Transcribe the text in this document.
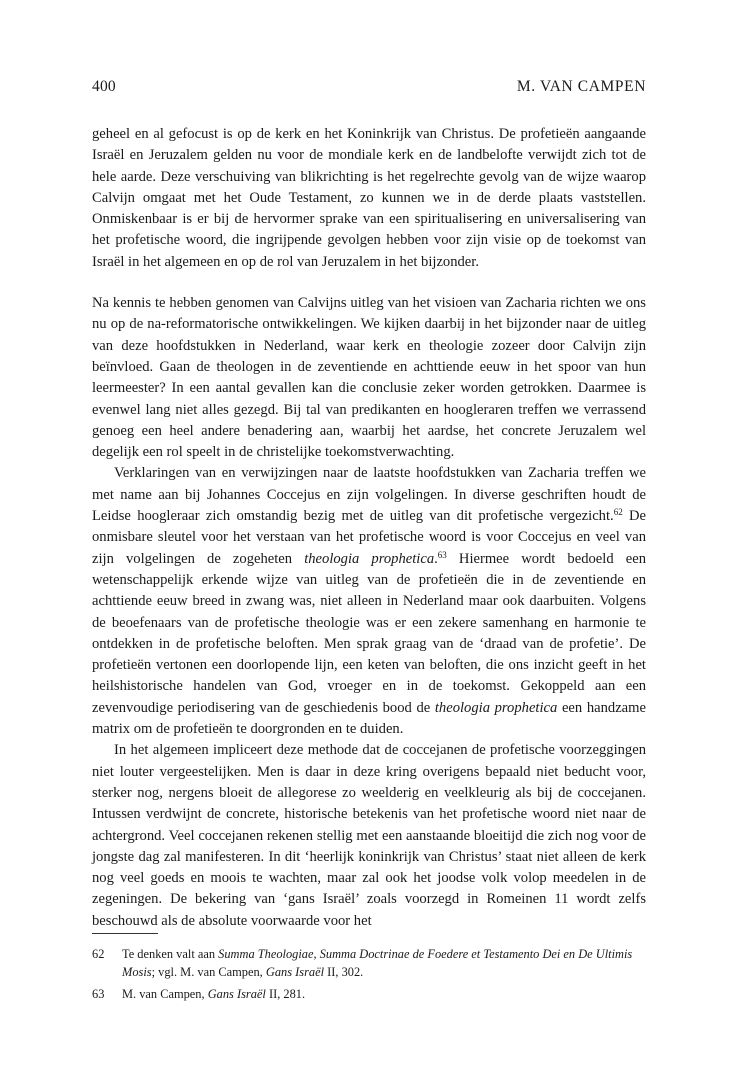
400	M. VAN CAMPEN

geheel en al gefocust is op de kerk en het Koninkrijk van Christus. De profetieën aangaande Israël en Jeruzalem gelden nu voor de mondiale kerk en de landbelofte verwijdt zich tot de hele aarde. Deze verschuiving van blikrichting is het regelrechte gevolg van de wijze waarop Calvijn omgaat met het Oude Testament, zo kunnen we in de derde plaats vaststellen. Onmiskenbaar is er bij de hervormer sprake van een spiritualisering en universalisering van het profetische woord, die ingrijpende gevolgen hebben voor zijn visie op de toekomst van Israël in het algemeen en op de rol van Jeruzalem in het bijzonder.

Na kennis te hebben genomen van Calvijns uitleg van het visioen van Zacharia richten we ons nu op de na-reformatorische ontwikkelingen. We kijken daarbij in het bijzonder naar de uitleg van deze hoofdstukken in Nederland, waar kerk en theologie zozeer door Calvijn zijn beïnvloed. Gaan de theologen in de zeventiende en achttiende eeuw in het spoor van hun leermeester? In een aantal gevallen kan die conclusie zeker worden getrokken. Daarmee is evenwel lang niet alles gezegd. Bij tal van predikanten en hoogleraren treffen we verrassend genoeg een heel andere benadering aan, waarbij het aardse, het concrete Jeruzalem wel degelijk een rol speelt in de christelijke toekomstverwachting.

Verklaringen van en verwijzingen naar de laatste hoofdstukken van Zacharia treffen we met name aan bij Johannes Coccejus en zijn volgelingen. In diverse geschriften houdt de Leidse hoogleraar zich omstandig bezig met de uitleg van dit profetische vergezicht.$^{62}$ De onmisbare sleutel voor het verstaan van het profetische woord is voor Coccejus en veel van zijn volgelingen de zogeheten theologia prophetica.$^{63}$ Hiermee wordt bedoeld een wetenschappelijk erkende wijze van uitleg van de profetieën die in de zeventiende en achttiende eeuw breed in zwang was, niet alleen in Nederland maar ook daarbuiten. Volgens de beoefenaars van de profetische theologie was er een zekere samenhang en harmonie te ontdekken in de profetische beloften. Men sprak graag van de ‘draad van de profetie’. De profetieën vertonen een doorlopende lijn, een keten van beloften, die ons inzicht geeft in het heilshistorische handelen van God, vroeger en in de toekomst. Gekoppeld aan een zevenvoudige periodisering van de geschiedenis bood de theologia prophetica een handzame matrix om de profetieën te doorgronden en te duiden.

In het algemeen impliceert deze methode dat de coccejanen de profetische voorzeggingen niet louter vergeestelijken. Men is daar in deze kring overigens bepaald niet beducht voor, sterker nog, nergens bloeit de allegorese zo weelderig en veelkleurig als bij de coccejanen. Intussen verdwijnt de concrete, historische betekenis van het profetische woord niet naar de achtergrond. Veel coccejanen rekenen stellig met een aanstaande bloeitijd die zich nog voor de jongste dag zal manifesteren. In dit ‘heerlijk koninkrijk van Christus’ staat niet alleen de kerk nog veel goeds en moois te wachten, maar zal ook het joodse volk volop meedelen in de zegeningen. De bekering van ‘gans Israël’ zoals voorzegd in Romeinen 11 wordt zelfs beschouwd als de absolute voorwaarde voor het

62 Te denken valt aan Summa Theologiae, Summa Doctrinae de Foedere et Testamento Dei en De Ultimis Mosis; vgl. M. van Campen, Gans Israël II, 302.
63 M. van Campen, Gans Israël II, 281.
